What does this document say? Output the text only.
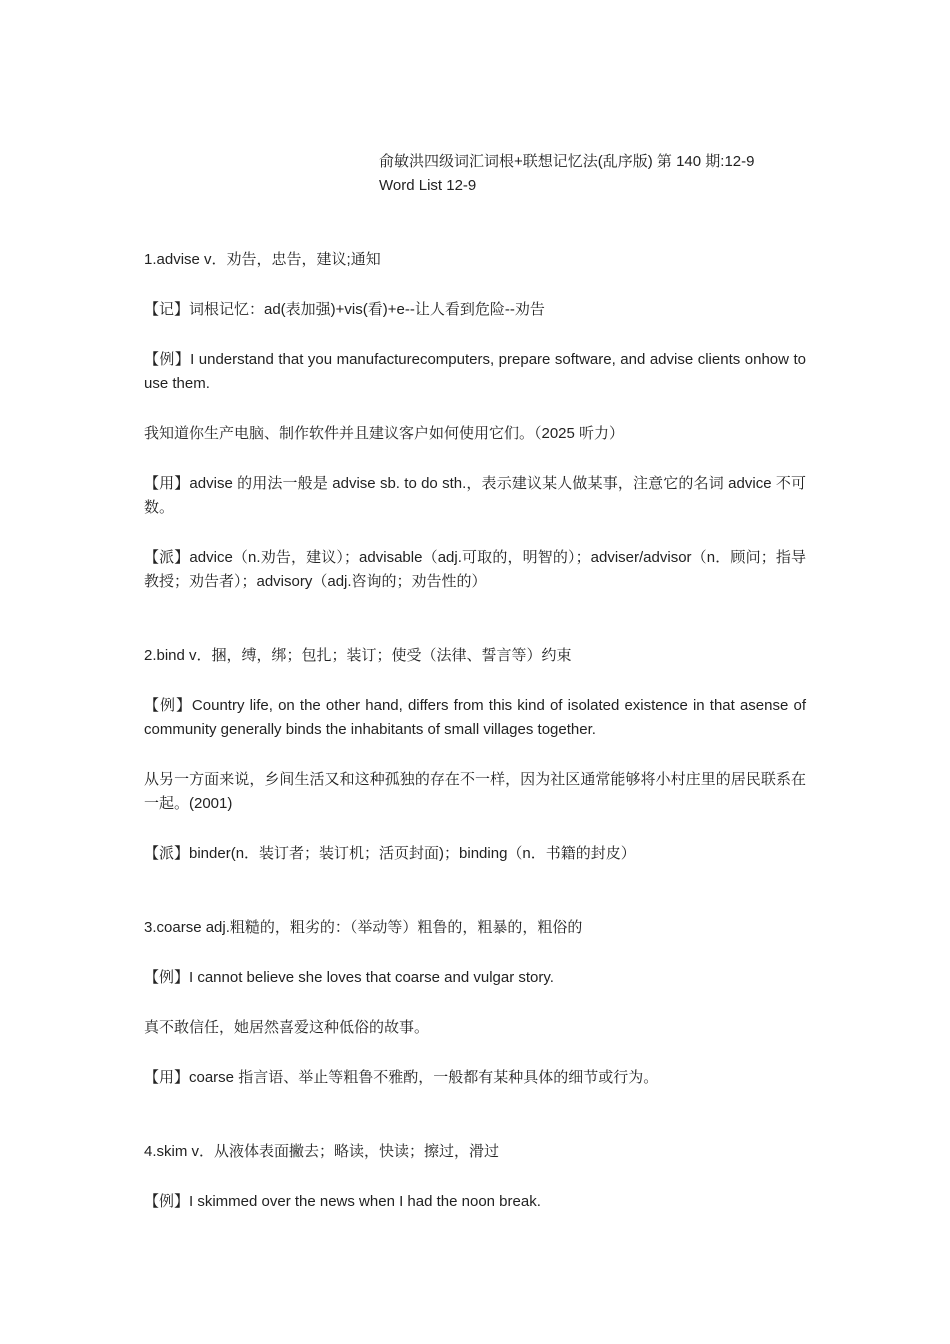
俞敏洪四级词汇词根+联想记忆法(乱序版) 第 140 期:12-9
Word List 12-9

1.advise v．劝告，忠告，建议;通知

【记】词根记忆：ad(表加强)+vis(看)+e--让人看到危险--劝告

【例】I understand that you manufacturecomputers, prepare software, and advise clients onhow to use them.

我知道你生产电脑、制作软件并且建议客户如何使用它们。（2025 听力）

【用】advise 的用法一般是 advise sb. to do sth.，表示建议某人做某事，注意它的名词 advice 不可数。

【派】advice（n.劝告，建议）；advisable（adj.可取的，明智的）；adviser/advisor（n．顾问；指导教授；劝告者）；advisory（adj.咨询的；劝告性的）

2.bind v．捆，缚，绑；包扎；装订；使受（法律、誓言等）约束

【例】Country life, on the other hand, differs from this kind of isolated existence in that asense of community generally binds the inhabitants of small villages together.

从另一方面来说，乡间生活又和这种孤独的存在不一样，因为社区通常能够将小村庄里的居民联系在一起。(2001)

【派】binder(n．装订者；装订机；活页封面)；binding（n．书籍的封皮）

3.coarse adj.粗糙的，粗劣的：（举动等）粗鲁的，粗暴的，粗俗的

【例】I cannot believe she loves that coarse and vulgar story.

真不敢信任，她居然喜爱这种低俗的故事。

【用】coarse 指言语、举止等粗鲁不雅酌，一般都有某种具体的细节或行为。

4.skim v．从液体表面撇去；略读，快读；擦过，滑过

【例】I skimmed over the news when I had the noon break.
